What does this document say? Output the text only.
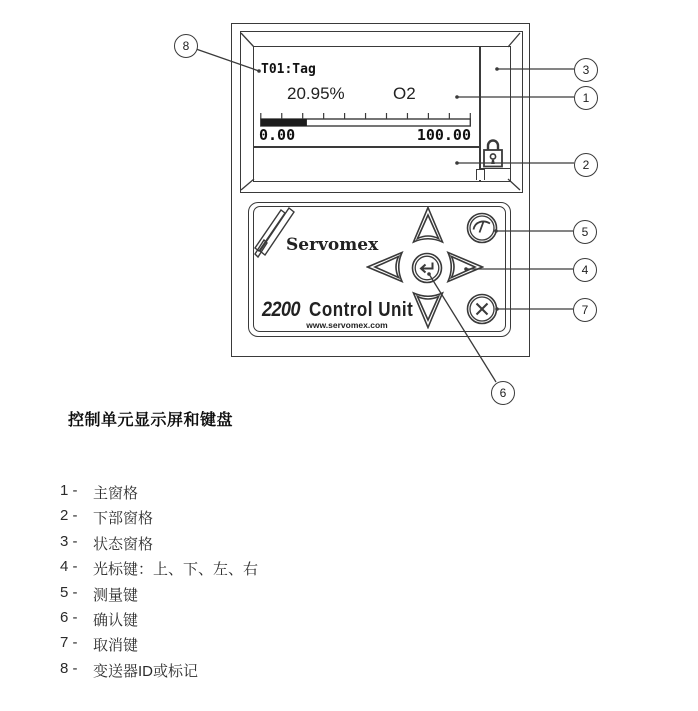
T01:Tag
20.95%	O2
0.00	100.00
Servomex
2200 Control Unit
www.servomex.com
8
3
1
2
5
4
7
6
控制单元显示屏和键盘
1 -	主窗格
2 -	下部窗格
3 -	状态窗格
4 -	光标键：上、下、左、右
5 -	测量键
6 -	确认键
7 -	取消键
8 -	变送器ID或标记
